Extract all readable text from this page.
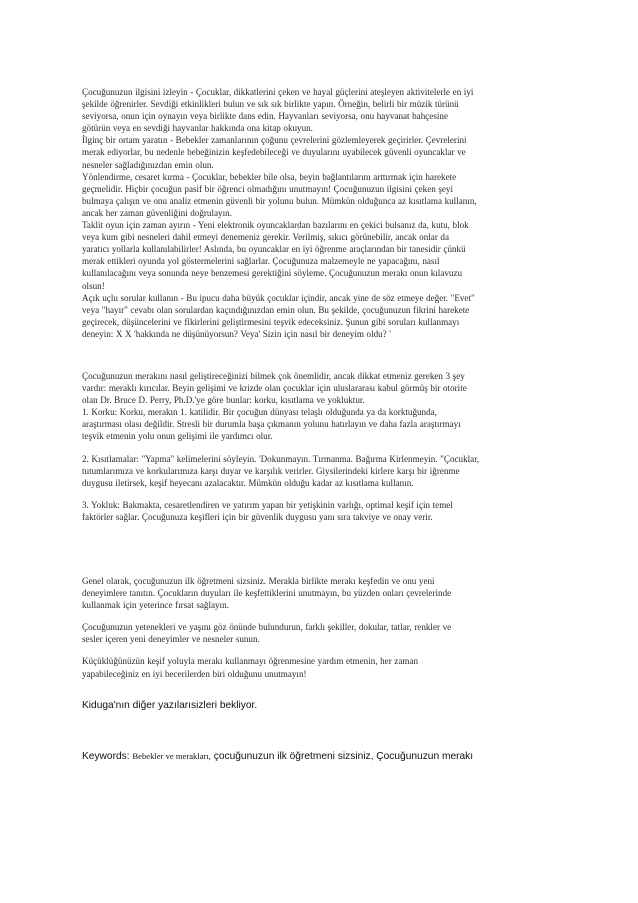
Çocuğunuzun ilgisini izleyin - Çocuklar, dikkatlerini çeken ve hayal güçlerini ateşleyen aktivitelerle en iyi
şekilde öğrenirler. Sevdiği etkinlikleri bulun ve sık sık birlikte yapın. Örneğin, belirli bir müzik türünü
seviyorsa, onun için oynayın veya birlikte dans edin. Hayvanları seviyorsa, onu hayvanat bahçesine
götürün veya en sevdiği hayvanlar hakkında ona kitap okuyun.
İlginç bir ortam yaratın - Bebekler zamanlarının çoğunu çevrelerini gözlemleyerek geçirirler. Çevrelerini
merak ediyorlar, bu nedenle bebeğinizin keşfedebileceği ve duyularını uyabilecek güvenli oyuncaklar ve
nesneler sağladığınızdan emin olun.
Yönlendirme, cesaret kırma - Çocuklar, bebekler bile olsa, beyin bağlantılarını arttırmak için harekete
geçmelidir. Hiçbir çocuğun pasif bir öğrenci olmadığını unutmayın! Çocuğunuzun ilgisini çeken şeyi
bulmaya çalışın ve onu analiz etmenin güvenli bir yolunu bulun. Mümkün olduğunca az kısıtlama kullanın,
ancak her zaman güvenliğini doğrulayın.
Taklit oyun için zaman ayırın - Yeni elektronik oyuncaklardan bazılarını en çekici bulsanız da, kutu, blok
veya kum gibi nesneleri dahil etmeyi denemeniz gerekir. Verilmiş, sıkıcı görünebilir, ancak onlar da
yaratıcı yollarla kullanılabilirler! Aslında, bu oyuncaklar en iyi öğrenme araçlarından bir tanesidir çünkü
merak ettikleri oyunda yol göstermelerini sağlarlar. Çocuğunuza malzemeyle ne yapacağını, nasıl
kullanılacağını veya sonunda neye benzemesi gerektiğini söyleme. Çocuğunuzun merakı onun kılavuzu
olsun!
Açık uçlu sorular kullanın - Bu ipucu daha büyük çocuklar içindir, ancak yine de söz etmeye değer. "Evet"
veya "hayır" cevabı olan sorulardan kaçındığınızdan emin olun. Bu şekilde, çocuğunuzun fikrini harekete
geçirecek, düşüncelerini ve fikirlerini geliştirmesini teşvik edeceksiniz. Şunun gibi soruları kullanmayı
deneyin: X X 'hakkında ne düşünüyorsun? Veya' Sizin için nasıl bir deneyim oldu? '

Çocuğunuzun merakını nasıl geliştireceğinizi bilmek çok önemlidir, ancak dikkat etmeniz gereken 3 şey
vardır: meraklı kırıcılar. Beyin gelişimi ve krizde olan çocuklar için uluslararası kabul görmüş bir otorite
olan Dr. Bruce D. Perry, Ph.D.'ye göre bunlar: korku, kısıtlama ve yokluktur.
1. Korku: Korku, merakın 1. katilidir. Bir çocuğun dünyası telaşlı olduğunda ya da korktuğunda,
araştırması olası değildir. Stresli bir durumla başa çıkmanın yolunu hatırlayın ve daha fazla araştırmayı
teşvik etmenin yolu onun gelişimi ile yardımcı olur.

2. Kısıtlamalar: "Yapma" kelimelerini söyleyin. 'Dokunmayın. Tırmanma. Bağırma Kirlenmeyin. "Çocuklar,
tutumlarımıza ve korkularımıza karşı duyar ve karşılık verirler. Giysilerindeki kirlere karşı bir iğrenme
duygusu iletirsek, keşif heyecanı azalacaktır. Mümkün olduğu kadar az kısıtlama kullanın.

3. Yokluk: Bakmakta, cesaretlendiren ve yatırım yapan bir yetişkinin varlığı, optimal keşif için temel
faktörler sağlar. Çocuğunuza keşifleri için bir güvenlik duygusu yanı sıra takviye ve onay verir.

Genel olarak, çocuğunuzun ilk öğretmeni sizsiniz. Merakla birlikte merakı keşfedin ve onu yeni
deneyimlere tanıtın. Çocukların duyuları ile keşfettiklerini unutmayın, bu yüzden onları çevrelerinde
kullanmak için yeterince fırsat sağlayın.

Çocuğunuzun yetenekleri ve yaşını göz önünde bulundurun, farklı şekiller, dokular, tatlar, renkler ve
sesler içeren yeni deneyimler ve nesneler sunun.

Küçüklüğünüzün keşif yoluyla merakı kullanmayı öğrenmesine yardım etmenin, her zaman
yapabileceğiniz en iyi becerilerden biri olduğunu unutmayın!

Kiduga'nın diğer yazılarısizleri bekliyor.
Keywords: Bebekler ve merakları, çocuğunuzun ilk öğretmeni sizsiniz, Çocuğunuzun merakı
